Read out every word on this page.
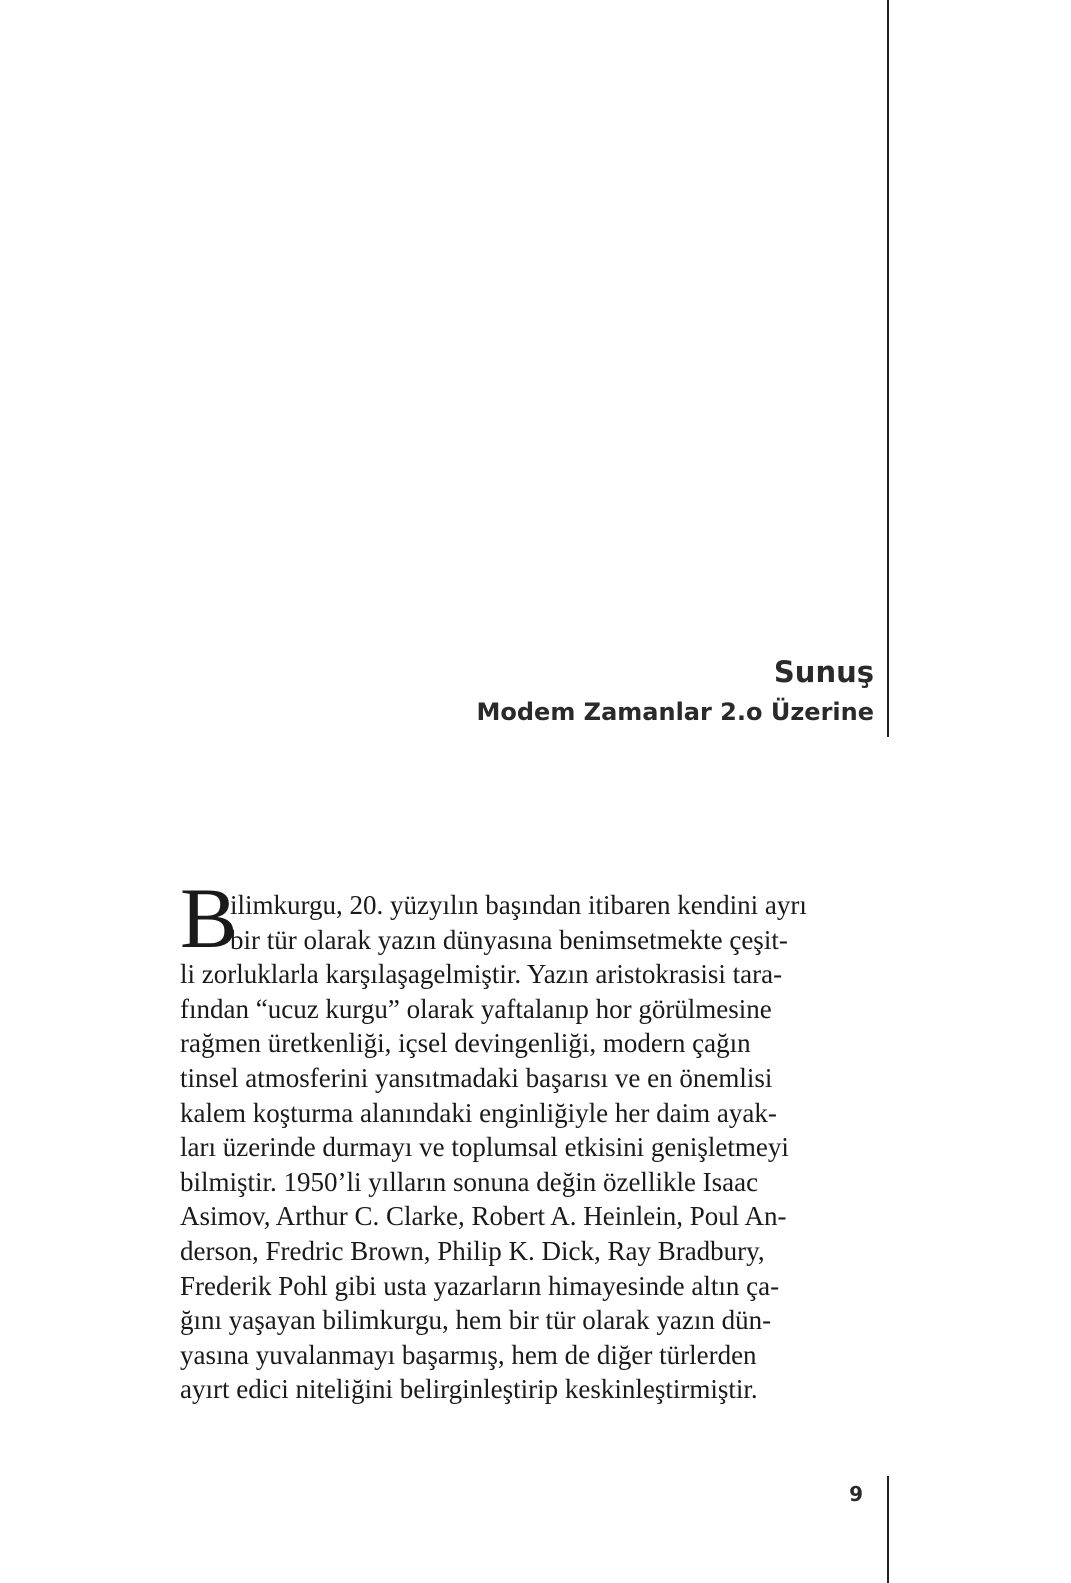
Sunuş
Modem Zamanlar 2.o Üzerine
B
ilimkurgu, 20. yüzyılın başından itibaren kendini ayrı
bir tür olarak yazın dünyasına benimsetmekte çeşit-
li zorluklarla karşılaşagelmiştir. Yazın aristokrasisi tara-
fından “ucuz kurgu” olarak yaftalanıp hor görülmesine
rağmen üretkenliği, içsel devingenliği, modern çağın
tinsel atmosferini yansıtmadaki başarısı ve en önemlisi
kalem koşturma alanındaki enginliğiyle her daim ayak-
ları üzerinde durmayı ve toplumsal etkisini genişletmeyi
bilmiştir. 1950’li yılların sonuna değin özellikle Isaac
Asimov, Arthur C. Clarke, Robert A. Heinlein, Poul An-
derson, Fredric Brown, Philip K. Dick, Ray Bradbury,
Frederik Pohl gibi usta yazarların himayesinde altın ça-
ğını yaşayan bilimkurgu, hem bir tür olarak yazın dün-
yasına yuvalanmayı başarmış, hem de diğer türlerden
ayırt edici niteliğini belirginleştirip keskinleştirmiştir.
9
